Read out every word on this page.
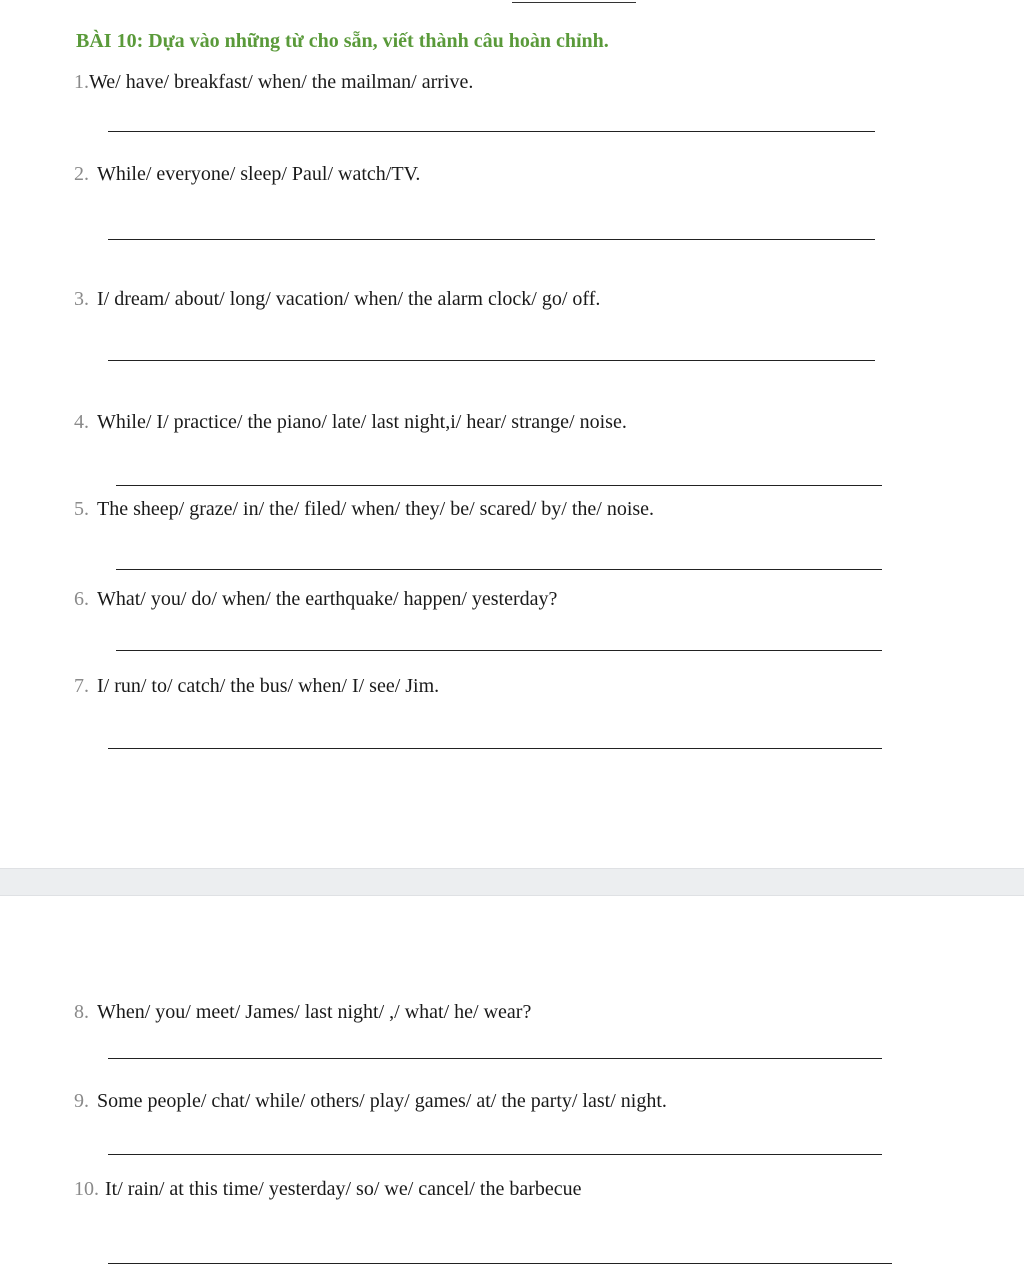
BÀI 10: Dựa vào những từ cho sẵn, viết thành câu hoàn chỉnh.
1.We/ have/ breakfast/ when/ the mailman/ arrive.
2. While/ everyone/ sleep/ Paul/ watch/TV.
3. I/ dream/ about/ long/ vacation/ when/ the alarm clock/ go/ off.
4. While/ I/ practice/ the piano/ late/ last night,i/ hear/ strange/ noise.
5. The sheep/ graze/ in/ the/ filed/ when/ they/ be/ scared/ by/ the/ noise.
6. What/ you/ do/ when/ the earthquake/ happen/ yesterday?
7. I/ run/ to/ catch/ the bus/ when/ I/ see/ Jim.
8. When/ you/ meet/ James/ last night/ ,/ what/ he/ wear?
9. Some people/ chat/ while/ others/ play/ games/ at/ the party/ last/ night.
10. It/ rain/ at this time/ yesterday/ so/ we/ cancel/ the barbecue
